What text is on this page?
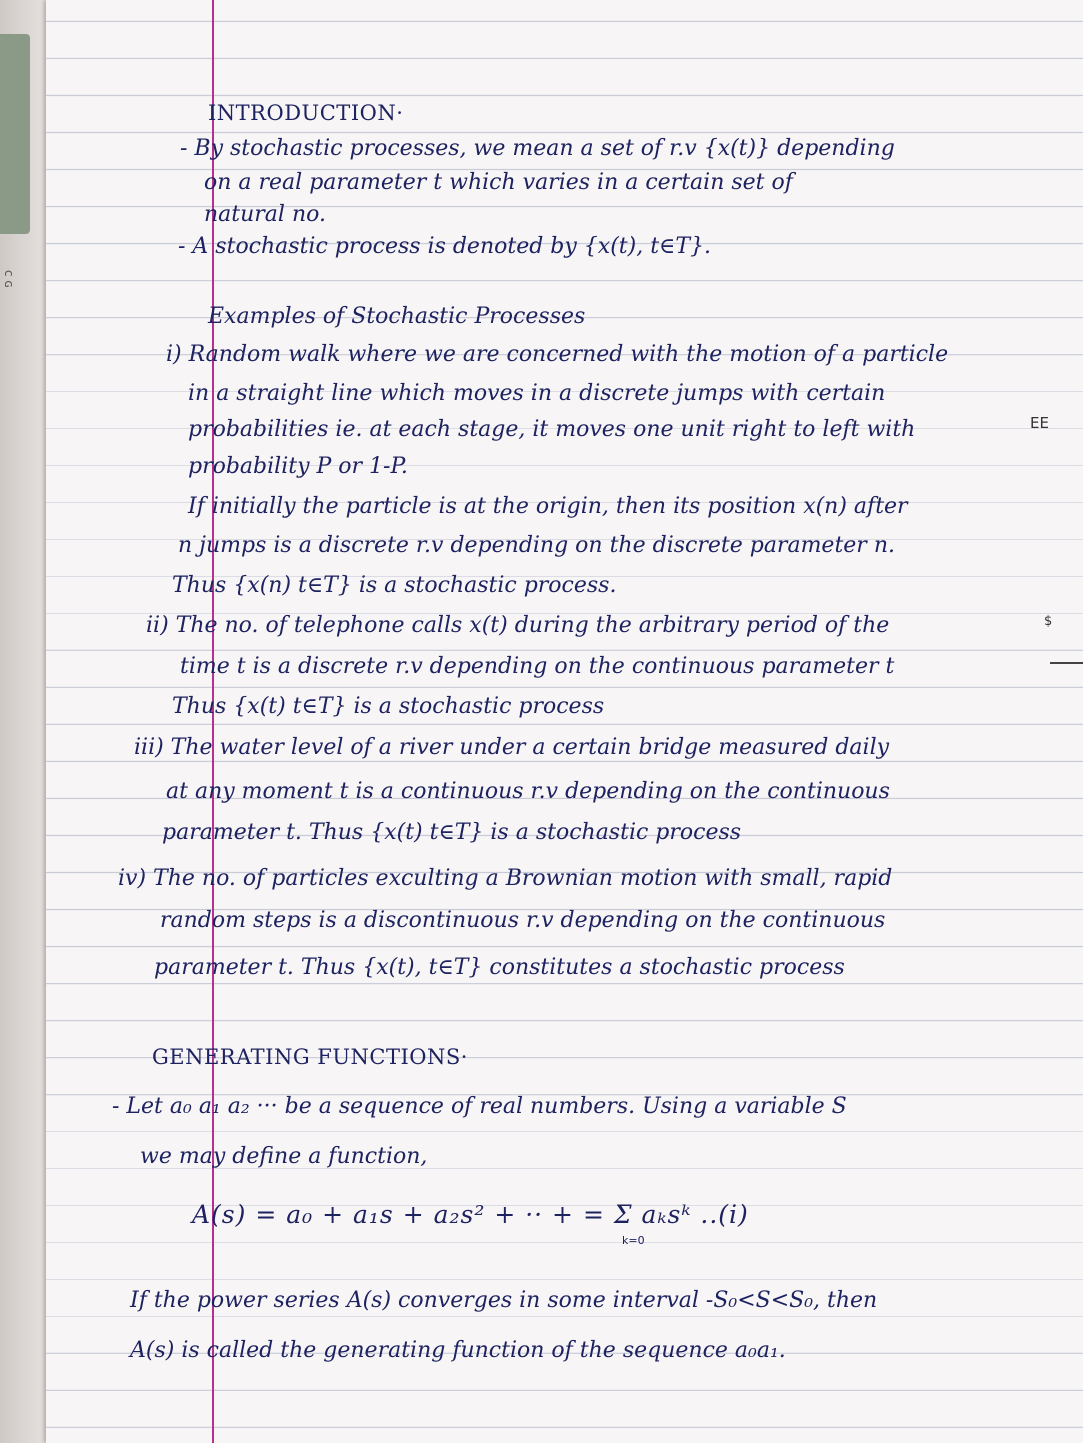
ᴄ ɢ
EE
$
INTRODUCTION·
- By stochastic processes, we mean a set of r.v {x(t)} depending
on a real parameter t which varies in a certain set of
natural no.
- A stochastic process is denoted by {x(t), t∈T}.
Examples of Stochastic Processes
i) Random walk where we are concerned with the motion of a particle
in a straight line which moves in a discrete jumps with certain
probabilities ie. at each stage, it moves one unit right to left with
probability P or 1-P.
If initially the particle is at the origin, then its position x(n) after
n jumps is a discrete r.v depending on the discrete parameter n.
Thus {x(n) t∈T} is a stochastic process.
ii) The no. of telephone calls x(t) during the arbitrary period of the
time t is a discrete r.v depending on the continuous parameter t
Thus {x(t) t∈T} is a stochastic process
iii) The water level of a river under a certain bridge measured daily
at any moment t is a continuous r.v depending on the continuous
parameter t. Thus {x(t) t∈T} is a stochastic process
iv) The no. of particles exculting a Brownian motion with small, rapid
random steps is a discontinuous r.v depending on the continuous
parameter t. Thus {x(t), t∈T} constitutes a stochastic process
GENERATING FUNCTIONS·
- Let a₀ a₁ a₂ ··· be a sequence of real numbers. Using a variable S
we may define a function,
A(s) = a₀ + a₁s + a₂s² + ·· + = Σ aₖsᵏ ..(i)
k=0
If the power series A(s) converges in some interval -S₀<S<S₀, then
A(s) is called the generating function of the sequence a₀a₁.
